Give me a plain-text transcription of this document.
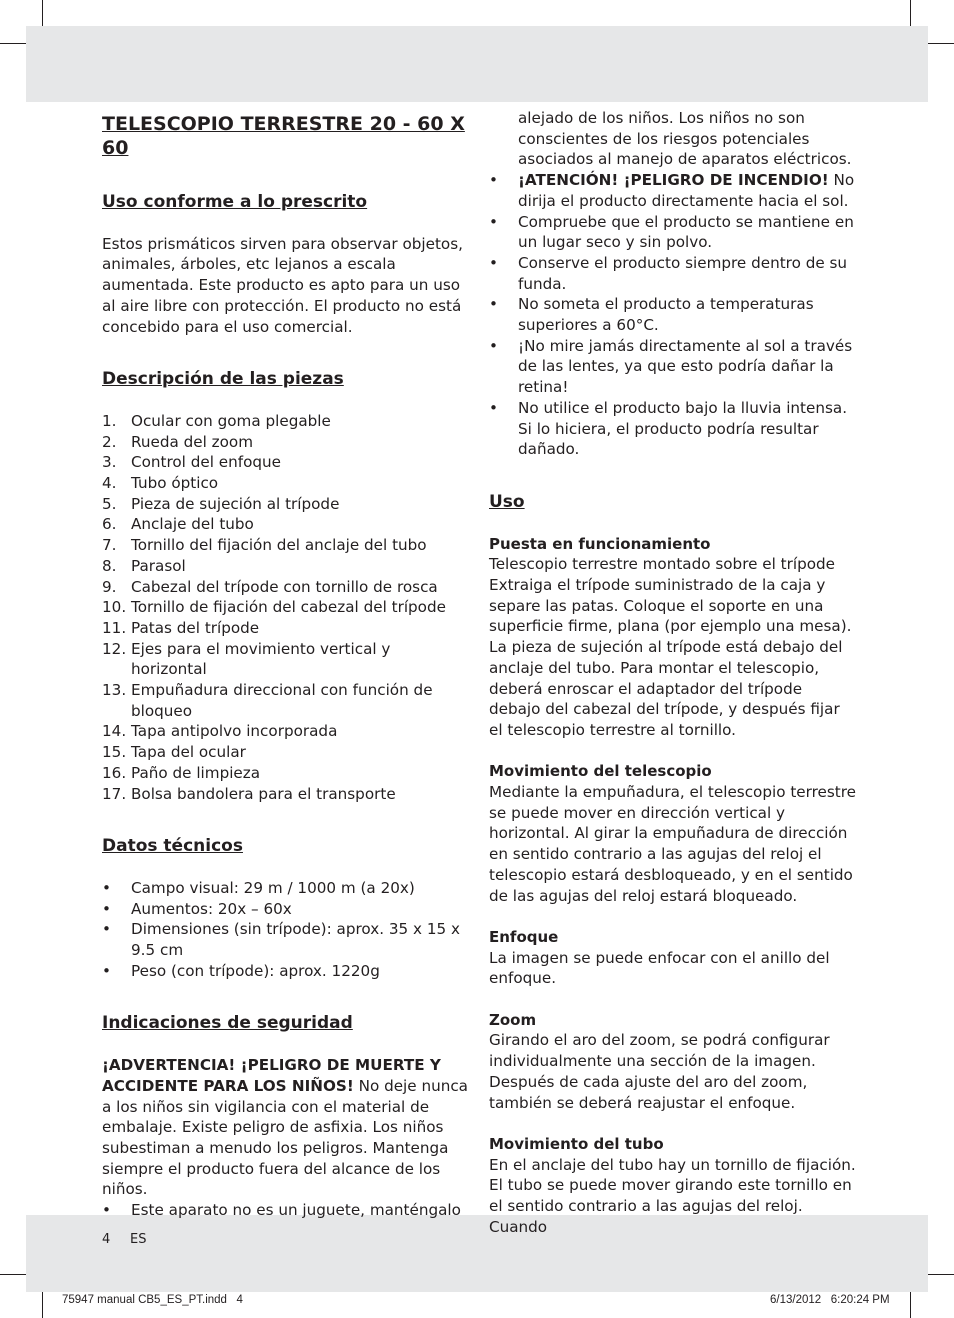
TELESCOPIO TERRESTRE 20 - 60 X 60
Uso conforme a lo prescrito

Estos prismáticos sirven para observar objetos, animales, árboles, etc lejanos a escala aumentada. Este producto es apto para un uso al aire libre con protección. El producto no está concebido para el uso comercial.

Descripción de las piezas
1. Ocular con goma plegable
2. Rueda del zoom
3. Control del enfoque
4. Tubo óptico
5. Pieza de sujeción al trípode
6. Anclaje del tubo
7. Tornillo del fijación del anclaje del tubo
8. Parasol
9. Cabezal del trípode con tornillo de rosca
10. Tornillo de fijación del cabezal del trípode
11. Patas del trípode
12. Ejes para el movimiento vertical y horizontal
13. Empuñadura direccional con función de bloqueo
14. Tapa antipolvo incorporada
15. Tapa del ocular
16. Paño de limpieza
17. Bolsa bandolera para el transporte
Datos técnicos
• Campo visual: 29 m / 1000 m (a 20x)
• Aumentos: 20x – 60x
• Dimensiones (sin trípode): aprox. 35 x 15 x 9.5 cm
• Peso (con trípode): aprox. 1220g
Indicaciones de seguridad

¡ADVERTENCIA! ¡PELIGRO DE MUERTE Y ACCIDENTE PARA LOS NIÑOS! No deje nunca a los niños sin vigilancia con el material de embalaje. Existe peligro de asfixia. Los niños subestiman a menudo los peligros. Mantenga siempre el producto fuera del alcance de los niños.

• Este aparato no es un juguete, manténgalo
alejado de los niños. Los niños no son conscientes de los riesgos potenciales asociados al manejo de aparatos eléctricos.
• ¡ATENCIÓN! ¡PELIGRO DE INCENDIO! No dirija el producto directamente hacia el sol.
• Compruebe que el producto se mantiene en un lugar seco y sin polvo.
• Conserve el producto siempre dentro de su funda.
• No someta el producto a temperaturas superiores a 60°C.
• ¡No mire jamás directamente al sol a través de las lentes, ya que esto podría dañar la retina!
• No utilice el producto bajo la lluvia intensa. Si lo hiciera, el producto podría resultar dañado.
Uso
Puesta en funcionamiento

Telescopio terrestre montado sobre el trípode Extraiga el trípode suministrado de la caja y separe las patas. Coloque el soporte en una superficie firme, plana (por ejemplo una mesa). La pieza de sujeción al trípode está debajo del anclaje del tubo. Para montar el telescopio, deberá enroscar el adaptador del trípode debajo del cabezal del trípode, y después fijar el telescopio terrestre al tornillo.

Movimiento del telescopio

Mediante la empuñadura, el telescopio terrestre se puede mover en dirección vertical y horizontal. Al girar la empuñadura de dirección en sentido contrario a las agujas del reloj el telescopio estará desbloqueado, y en el sentido de las agujas del reloj estará bloqueado.

Enfoque

La imagen se puede enfocar con el anillo del enfoque.

Zoom

Girando el aro del zoom, se podrá configurar individualmente una sección de la imagen. Después de cada ajuste del aro del zoom, también se deberá reajustar el enfoque.

Movimiento del tubo

En el anclaje del tubo hay un tornillo de fijación. El tubo se puede mover girando este tornillo en el sentido contrario a las agujas del reloj. Cuando

4 ES
75947 manual CB5_ES_PT.indd   4	6/13/2012   6:20:24 PM
